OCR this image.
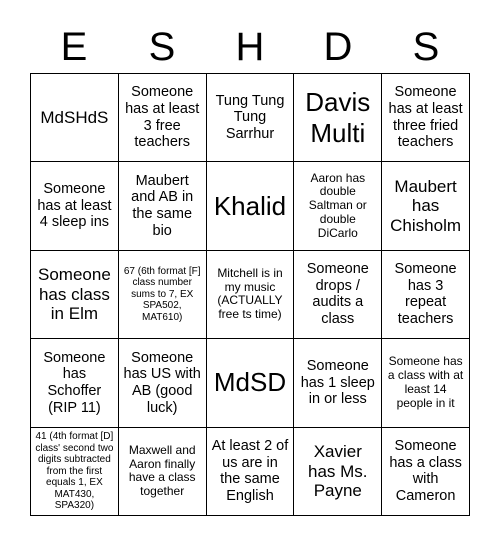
E	S	H	D	S
MdSHdS
Someone has at least 3 free teachers
Tung Tung Tung Sarrhur
Davis Multi
Someone has at least three fried teachers
Someone has at least 4 sleep ins
Maubert and AB in the same bio
Khalid
Aaron has double Saltman or double DiCarlo
Maubert has Chisholm
Someone has class in Elm
67 (6th format [F] class number sums to 7, EX SPA502, MAT610)
Mitchell is in my music (ACTUALLY free ts time)
Someone drops / audits a class
Someone has 3 repeat teachers
Someone has Schoffer (RIP 11)
Someone has US with AB (good luck)
MdSD
Someone has 1 sleep in or less
Someone has a class with at least 14 people in it
41 (4th format [D] class' second two digits subtracted from the first equals 1, EX MAT430, SPA320)
Maxwell and Aaron finally have a class together
At least 2 of us are in the same English
Xavier has Ms. Payne
Someone has a class with Cameron
